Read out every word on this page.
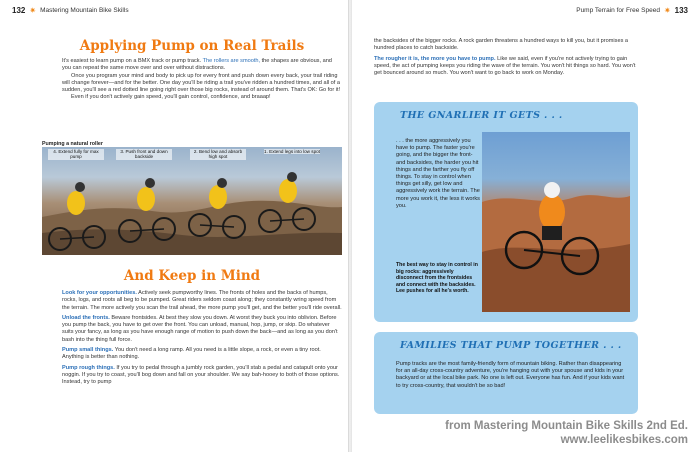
132 ✷ Mastering Mountain Bike Skills
Applying Pump on Real Trails

It's easiest to learn pump on a BMX track or pump track. The rollers are smooth, the shapes are obvious, and you can repeat the same move over and over without distractions.

Once you program your mind and body to pick up for every front and push down every back, your trail riding will change forever—and for the better. One day you'll be riding a trail you've ridden a hundred times, and all of a sudden, you'll see a red dotted line going right over those big rocks, instead of around them. That's OK: Go for it!

Even if you don't actively gain speed, you'll gain control, confidence, and braaap!

Pumping a natural roller
4. Extend fully for max pump
3. Push front and down backside
2. Bend low and absorb high spot
1. Extend legs into low spot
And Keep in Mind

Look for your opportunities. Actively seek pumpworthy lines. The fronts of holes and the backs of humps, rocks, logs, and roots all beg to be pumped. Great riders seldom coast along; they constantly wring speed from the terrain. The more actively you scan the trail ahead, the more pump you'll get, and the better you'll ride overall.

Unload the fronts. Beware frontsides. At best they slow you down. At worst they buck you into oblivion. Before you pump the back, you have to get over the front. You can unload, manual, hop, jump, or skip. Do whatever suits your fancy, as long as you have enough range of motion to push down the back—and as long as you don't bash into the thing full force.

Pump small things. You don't need a long ramp. All you need is a little slope, a rock, or even a tiny root. Anything is better than nothing.

Pump rough things. If you try to pedal through a jumbly rock garden, you'll stab a pedal and catapult onto your noggin. If you try to coast, you'll bog down and fall on your shoulder. We say bah-hooey to both of those options. Instead, try to pump

Pump Terrain for Free Speed ✷ 133

the backsides of the bigger rocks. A rock garden threatens a hundred ways to kill you, but it promises a hundred places to catch backside.

The rougher it is, the more you have to pump. Like we said, even if you're not actively trying to gain speed, the act of pumping keeps you riding the wave of the terrain. You won't hit things so hard. You won't get bounced around so much. You won't want to go back to work on Monday.

THE GNARLIER IT GETS . . .
. . . the more aggressively you have to pump. The faster you're going, and the bigger the front- and backsides, the harder you hit things and the farther you fly off things. To stay in control when things get silly, get low and aggressively work the terrain. The more you work it, the less it works you.
The best way to stay in control in big rocks: aggressively disconnect from the frontsides and connect with the backsides. Lee pushes for all he's worth.
FAMILIES THAT PUMP TOGETHER . . .
Pump tracks are the most family-friendly form of mountain biking. Rather than disappearing for an all-day cross-country adventure, you're hanging out with your spouse and kids in your backyard or at the local bike park. No one is left out. Everyone has fun. And if your kids want to try cross-country, that wouldn't be so bad!
from Mastering Mountain Bike Skills 2nd Ed.
www.leelikesbikes.com
